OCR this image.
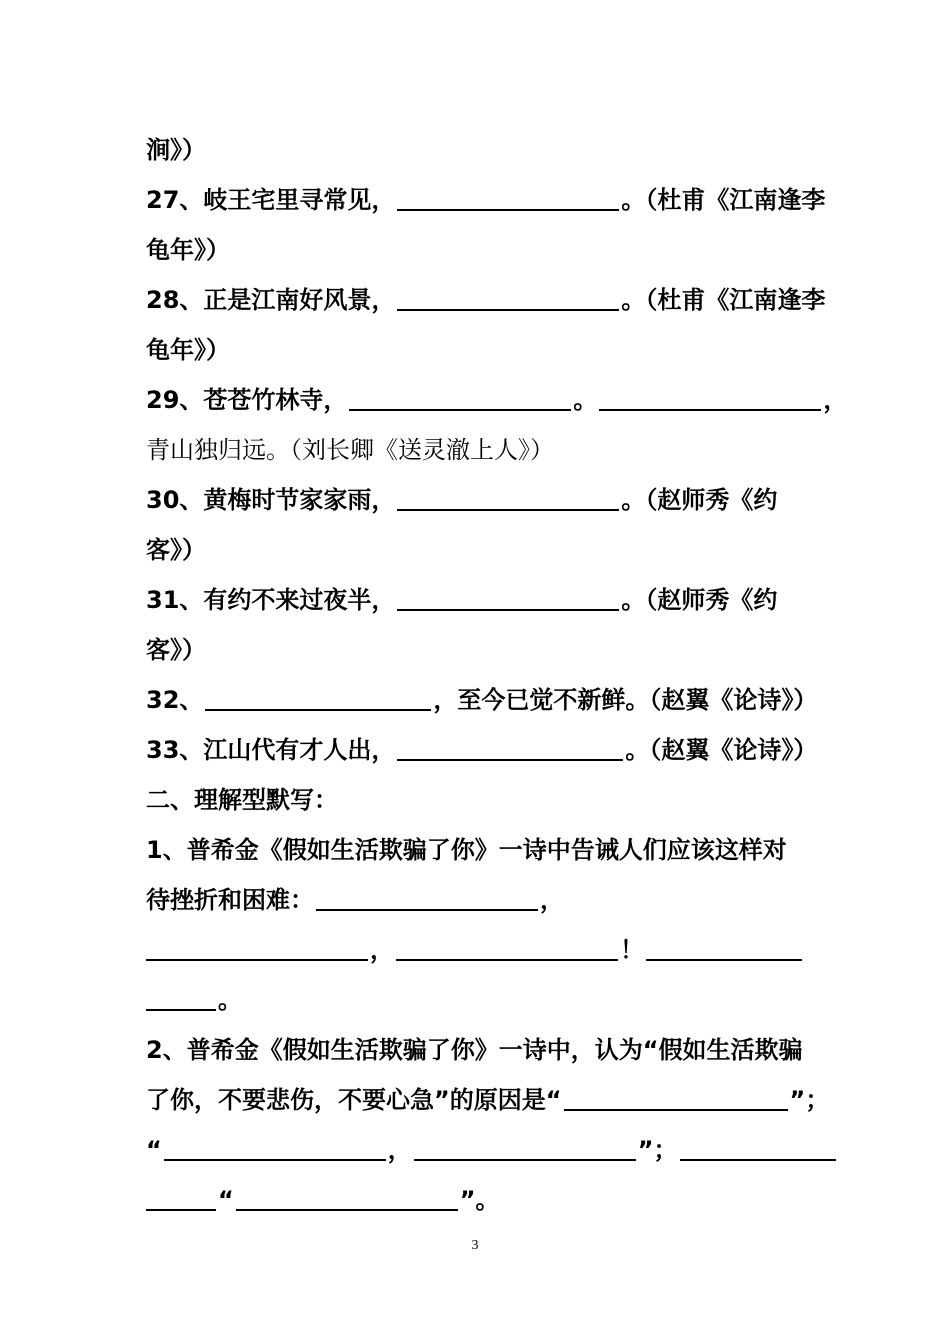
涧》）
27、岐王宅里寻常见，	。（杜甫《江南逢李
龟年》）
28、正是江南好风景，	。（杜甫《江南逢李
龟年》）
29、苍苍竹林寺，	。	，
青山独归远。（刘长卿《送灵澈上人》）
30、黄梅时节家家雨，	。（赵师秀《约
客》）
31、有约不来过夜半，	。（赵师秀《约
客》）
32、	，至今已觉不新鲜。（赵翼《论诗》）
33、江山代有才人出，	。（赵翼《论诗》）
二、理解型默写：
1、普希金《假如生活欺骗了你》一诗中告诫人们应该这样对
待挫折和困难：	，
，	！
。
2、普希金《假如生活欺骗了你》一诗中，认为“假如生活欺骗
了你，不要悲伤，不要心急”的原因是“	”；
“	，	”；
“	”。
3
